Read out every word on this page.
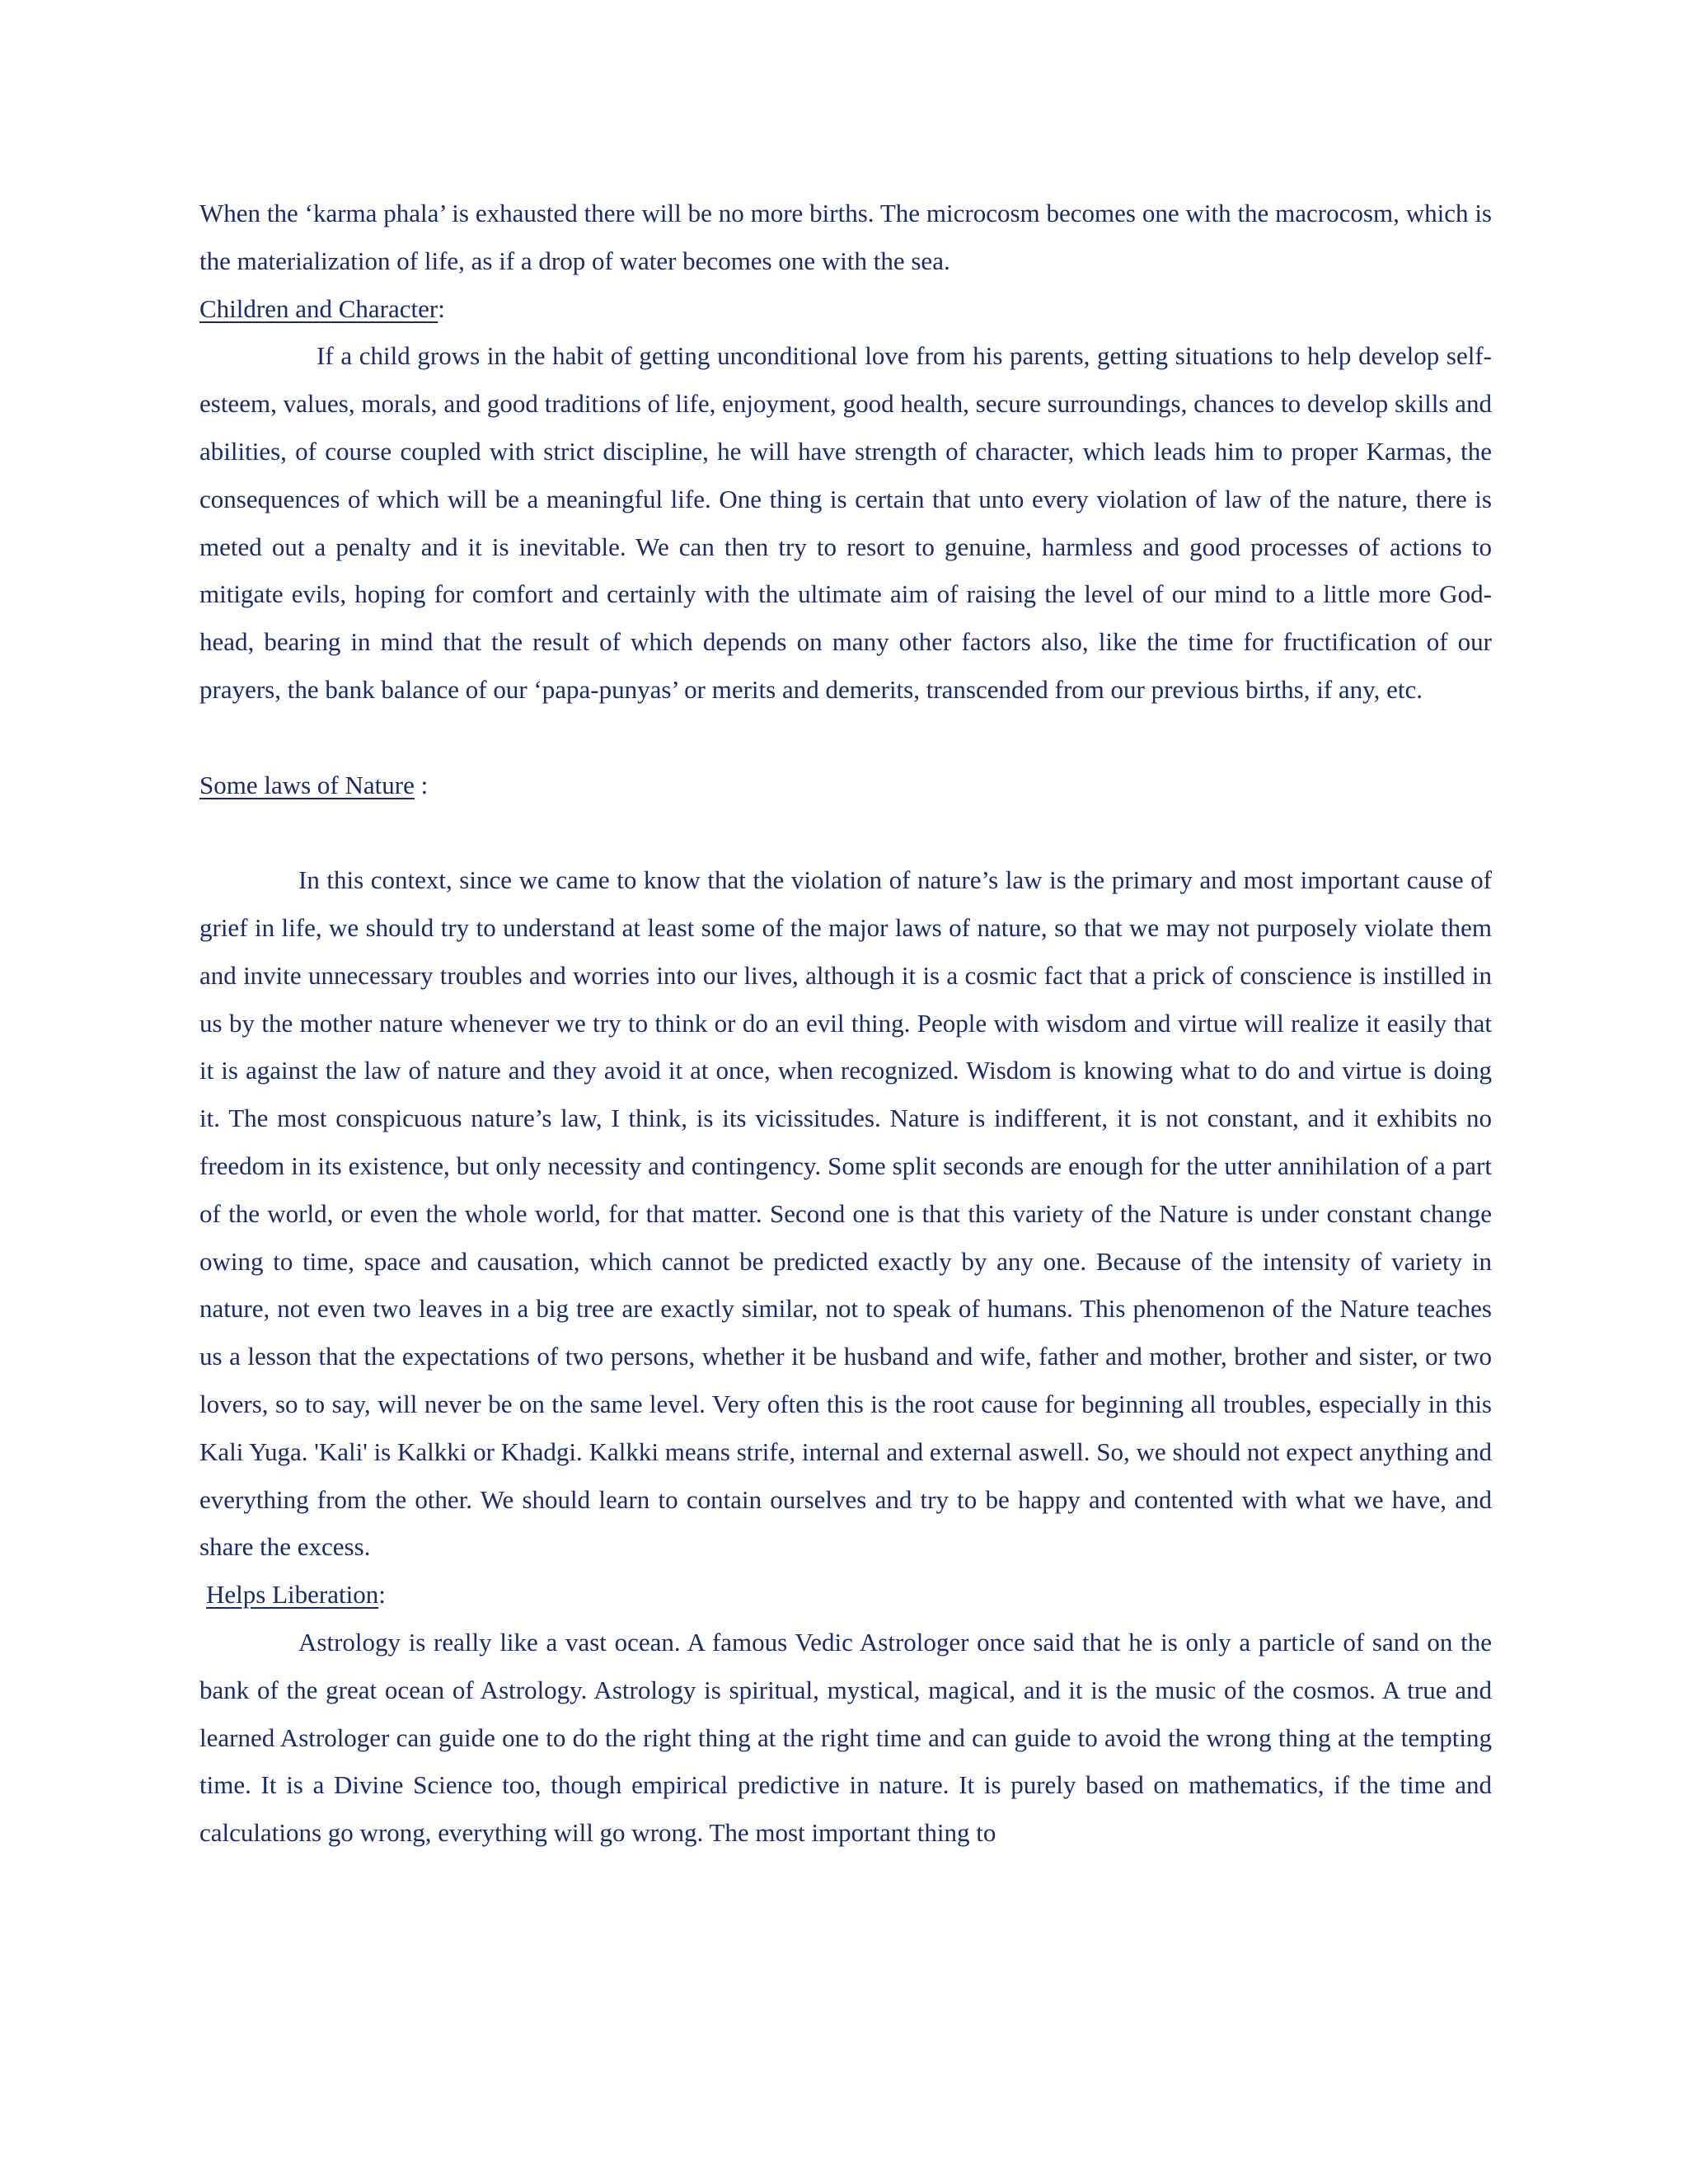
When the ‘karma phala’ is exhausted there will be no more births. The microcosm becomes one with the macrocosm, which is the materialization of life, as if a drop of water becomes one with the sea.

Children and Character:

If a child grows in the habit of getting unconditional love from his parents, getting situations to help develop self-esteem, values, morals, and good traditions of life, enjoyment, good health, secure surroundings, chances to develop skills and abilities, of course coupled with strict discipline, he will have strength of character, which leads him to proper Karmas, the consequences of which will be a meaningful life. One thing is certain that unto every violation of law of the nature, there is meted out a penalty and it is inevitable. We can then try to resort to genuine, harmless and good processes of actions to mitigate evils, hoping for comfort and certainly with the ultimate aim of raising the level of our mind to a little more God-head, bearing in mind that the result of which depends on many other factors also, like the time for fructification of our prayers, the bank balance of our ‘papa-punyas’ or merits and demerits, transcended from our previous births, if any, etc.

Some laws of Nature :

In this context, since we came to know that the violation of nature’s law is the primary and most important cause of grief in life, we should try to understand at least some of the major laws of nature, so that we may not purposely violate them and invite unnecessary troubles and worries into our lives, although it is a cosmic fact that a prick of conscience is instilled in us by the mother nature whenever we try to think or do an evil thing. People with wisdom and virtue will realize it easily that it is against the law of nature and they avoid it at once, when recognized. Wisdom is knowing what to do and virtue is doing it. The most conspicuous nature’s law, I think, is its vicissitudes. Nature is indifferent, it is not constant, and it exhibits no freedom in its existence, but only necessity and contingency. Some split seconds are enough for the utter annihilation of a part of the world, or even the whole world, for that matter. Second one is that this variety of the Nature is under constant change owing to time, space and causation, which cannot be predicted exactly by any one. Because of the intensity of variety in nature, not even two leaves in a big tree are exactly similar, not to speak of humans. This phenomenon of the Nature teaches us a lesson that the expectations of two persons, whether it be husband and wife, father and mother, brother and sister, or two lovers, so to say, will never be on the same level. Very often this is the root cause for beginning all troubles, especially in this Kali Yuga. 'Kali' is Kalkki or Khadgi. Kalkki means strife, internal and external aswell. So, we should not expect anything and everything from the other. We should learn to contain ourselves and try to be happy and contented with what we have, and share the excess.

Helps Liberation:

Astrology is really like a vast ocean. A famous Vedic Astrologer once said that he is only a particle of sand on the bank of the great ocean of Astrology. Astrology is spiritual, mystical, magical, and it is the music of the cosmos. A true and learned Astrologer can guide one to do the right thing at the right time and can guide to avoid the wrong thing at the tempting time. It is a Divine Science too, though empirical predictive in nature. It is purely based on mathematics, if the time and calculations go wrong, everything will go wrong. The most important thing to
